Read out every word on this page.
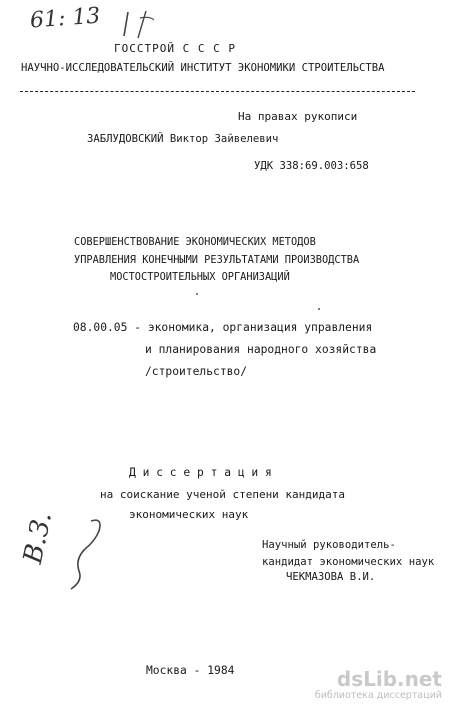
61: 13
ГОССТРОЙ С С С Р
НАУЧНО-ИССЛЕДОВАТЕЛЬСКИЙ ИНСТИТУТ ЭКОНОМИКИ СТРОИТЕЛЬСТВА
На правах рукописи
ЗАБЛУДОВСКИЙ Виктор Зайвелевич
УДК 338:69.003:658
СОВЕРШЕНСТВОВАНИЕ ЭКОНОМИЧЕСКИХ МЕТОДОВ
УПРАВЛЕНИЯ КОНЕЧНЫМИ РЕЗУЛЬТАТАМИ ПРОИЗВОДСТВА
МОСТОСТРОИТЕЛЬНЫХ ОРГАНИЗАЦИЙ
08.00.05 - экономика, организация управления
и планирования народного хозяйства
/строительство/
Д и с с е р т а ц и я
на соискание ученой степени кандидата
экономических наук
Научный руководитель-
кандидат экономических наук
ЧЕКМАЗОВА В.И.
В.З.
Москва - 1984	dsLib.net
библиотека диссертаций
